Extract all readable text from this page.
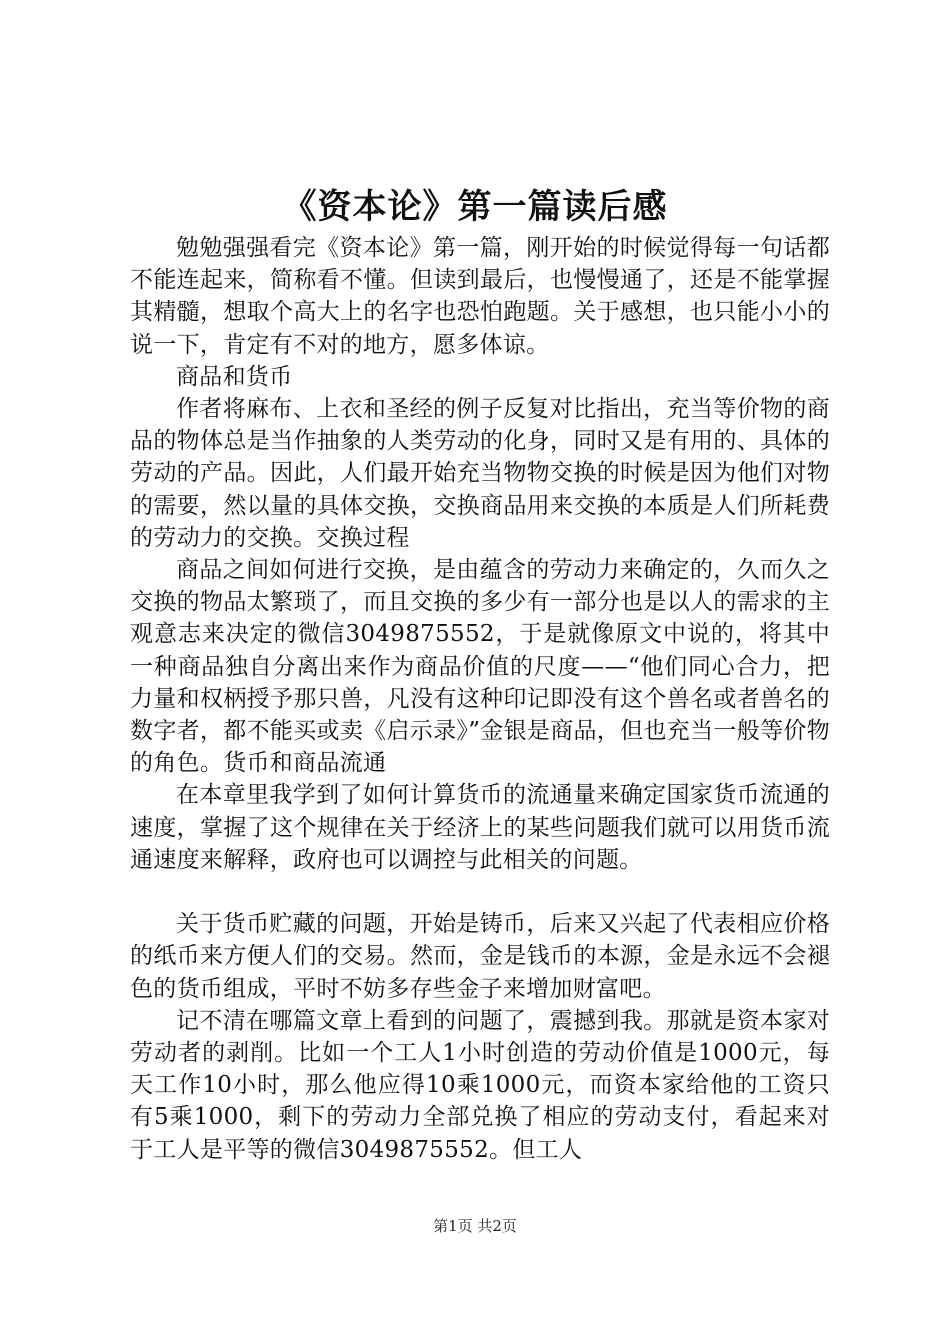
《资本论》第一篇读后感

勉勉强强看完《资本论》第一篇，刚开始的时候觉得每一句话都不能连起来，简称看不懂。但读到最后，也慢慢通了，还是不能掌握其精髓，想取个高大上的名字也恐怕跑题。关于感想，也只能小小的说一下，肯定有不对的地方，愿多体谅。

商品和货币

作者将麻布、上衣和圣经的例子反复对比指出，充当等价物的商品的物体总是当作抽象的人类劳动的化身，同时又是有用的、具体的劳动的产品。因此，人们最开始充当物物交换的时候是因为他们对物的需要，然以量的具体交换，交换商品用来交换的本质是人们所耗费的劳动力的交换。交换过程

商品之间如何进行交换，是由蕴含的劳动力来确定的，久而久之交换的物品太繁琐了，而且交换的多少有一部分也是以人的需求的主观意志来决定的微信3049875552，于是就像原文中说的，将其中一种商品独自分离出来作为商品价值的尺度——“他们同心合力，把力量和权柄授予那只兽，凡没有这种印记即没有这个兽名或者兽名的数字者，都不能买或卖《启示录》”金银是商品，但也充当一般等价物的角色。货币和商品流通

在本章里我学到了如何计算货币的流通量来确定国家货币流通的速度，掌握了这个规律在关于经济上的某些问题我们就可以用货币流通速度来解释，政府也可以调控与此相关的问题。

关于货币贮藏的问题，开始是铸币，后来又兴起了代表相应价格的纸币来方便人们的交易。然而，金是钱币的本源，金是永远不会褪色的货币组成，平时不妨多存些金子来增加财富吧。

记不清在哪篇文章上看到的问题了，震撼到我。那就是资本家对劳动者的剥削。比如一个工人1小时创造的劳动价值是1000元，每天工作10小时，那么他应得10乘1000元，而资本家给他的工资只有5乘1000，剩下的劳动力全部兑换了相应的劳动支付，看起来对于工人是平等的微信3049875552。但工人

第1页 共2页
